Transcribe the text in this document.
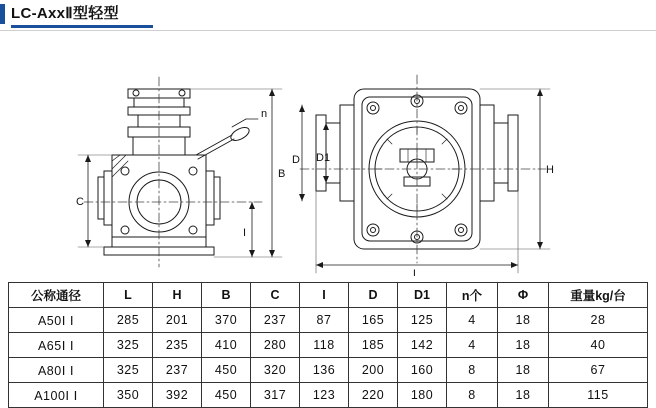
LC-AxxⅡ型轻型
n
B
I
C
D D1
H
L
公称通径	L	H	B	C	I	D	D1	n个	Φ	重量kg/台
A50Ⅰ Ⅰ	285	201	370	237	87	165	125	4	18	28
A65Ⅰ Ⅰ	325	235	410	280	118	185	142	4	18	40
A80Ⅰ Ⅰ	325	237	450	320	136	200	160	8	18	67
A100Ⅰ Ⅰ	350	392	450	317	123	220	180	8	18	115
